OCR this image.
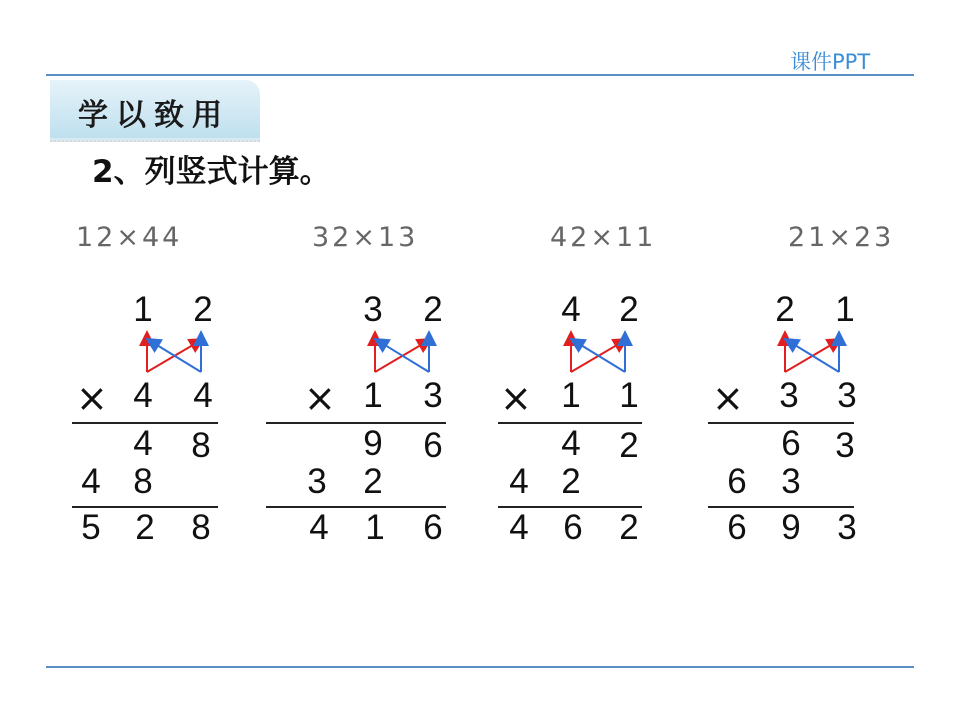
课件PPT
学以致用
2、列竖式计算。
12×44	32×13	42×11	21×23
1 2
× 4 4
4 8
4 8
5 2 8
3 2
× 1 3
9 6
3 2
4 1 6
4 2
× 1 1
4 2
4 2
4 6 2
2 1
× 3 3
6 3
6 3
6 9 3
